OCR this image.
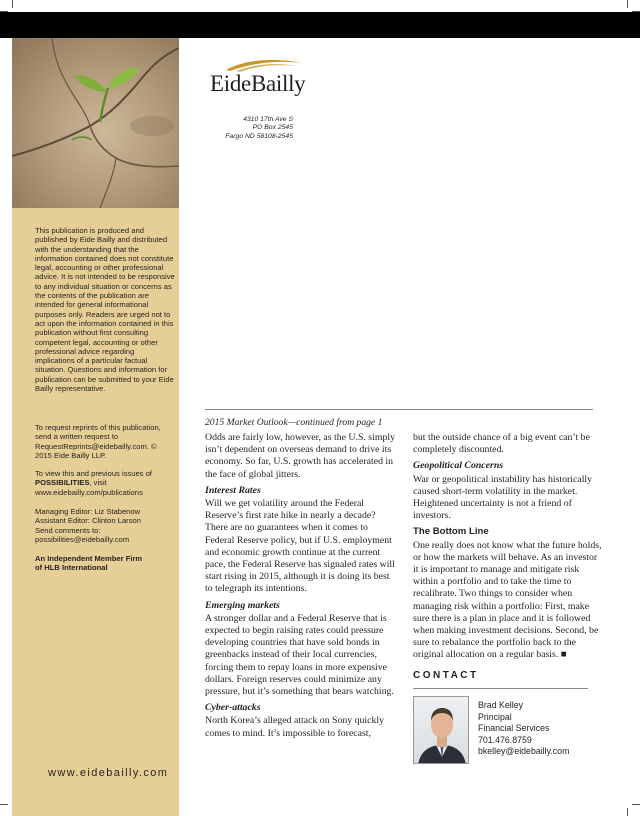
EideBailly
4310 17th Ave S
PO Box 2545
Fargo ND 58108-2545
This publication is produced and published by Eide Bailly and distributed with the understanding that the information contained does not constitute legal, accounting or other professional advice. It is not intended to be responsive to any individual situation or concerns as the contents of the publication are intended for general informational purposes only. Readers are urged not to act upon the information contained in this publication without first consulting competent legal, accounting or other professional advice regarding implications of a particular factual situation. Questions and information for publication can be submitted to your Eide Bailly representative.
To request reprints of this publication, send a written request to RequestReprints@eidebailly.com. © 2015 Eide Bailly LLP.
To view this and previous issues of POSSIBILITIES, visit www.eidebailly.com/publications
Managing Editor: Liz Stabenow
Assistant Editor: Clinton Larson
Send comments to:
possibilities@eidebailly.com
An Independent Member Firm
of HLB International
www.eidebailly.com
2015 Market Outlook—continued from page 1

Odds are fairly low, however, as the U.S. simply isn’t dependent on overseas demand to drive its economy. So far, U.S. growth has accelerated in the face of global jitters.

Interest Rates

Will we get volatility around the Federal Reserve’s first rate hike in nearly a decade? There are no guarantees when it comes to Federal Reserve policy, but if U.S. employment and economic growth continue at the current pace, the Federal Reserve has signaled rates will start rising in 2015, although it is doing its best to telegraph its intentions.

Emerging markets

A stronger dollar and a Federal Reserve that is expected to begin raising rates could pressure developing countries that have sold bonds in greenbacks instead of their local currencies, forcing them to repay loans in more expensive dollars. Foreign reserves could minimize any pressure, but it’s something that bears watching.

Cyber-attacks

North Korea’s alleged attack on Sony quickly comes to mind. It’s impossible to forecast,

but the outside chance of a big event can’t be completely discounted.

Geopolitical Concerns

War or geopolitical instability has historically caused short-term volatility in the market. Heightened uncertainty is not a friend of investors.

The Bottom Line

One really does not know what the future holds, or how the markets will behave. As an investor it is important to manage and mitigate risk within a portfolio and to take the time to recalibrate. Two things to consider when managing risk within a portfolio: First, make sure there is a plan in place and it is followed when making investment decisions. Second, be sure to rebalance the portfolio back to the original allocation on a regular basis. ■

CONTACT
Brad Kelley
Principal
Financial Services
701.476.8759
bkelley@eidebailly.com
